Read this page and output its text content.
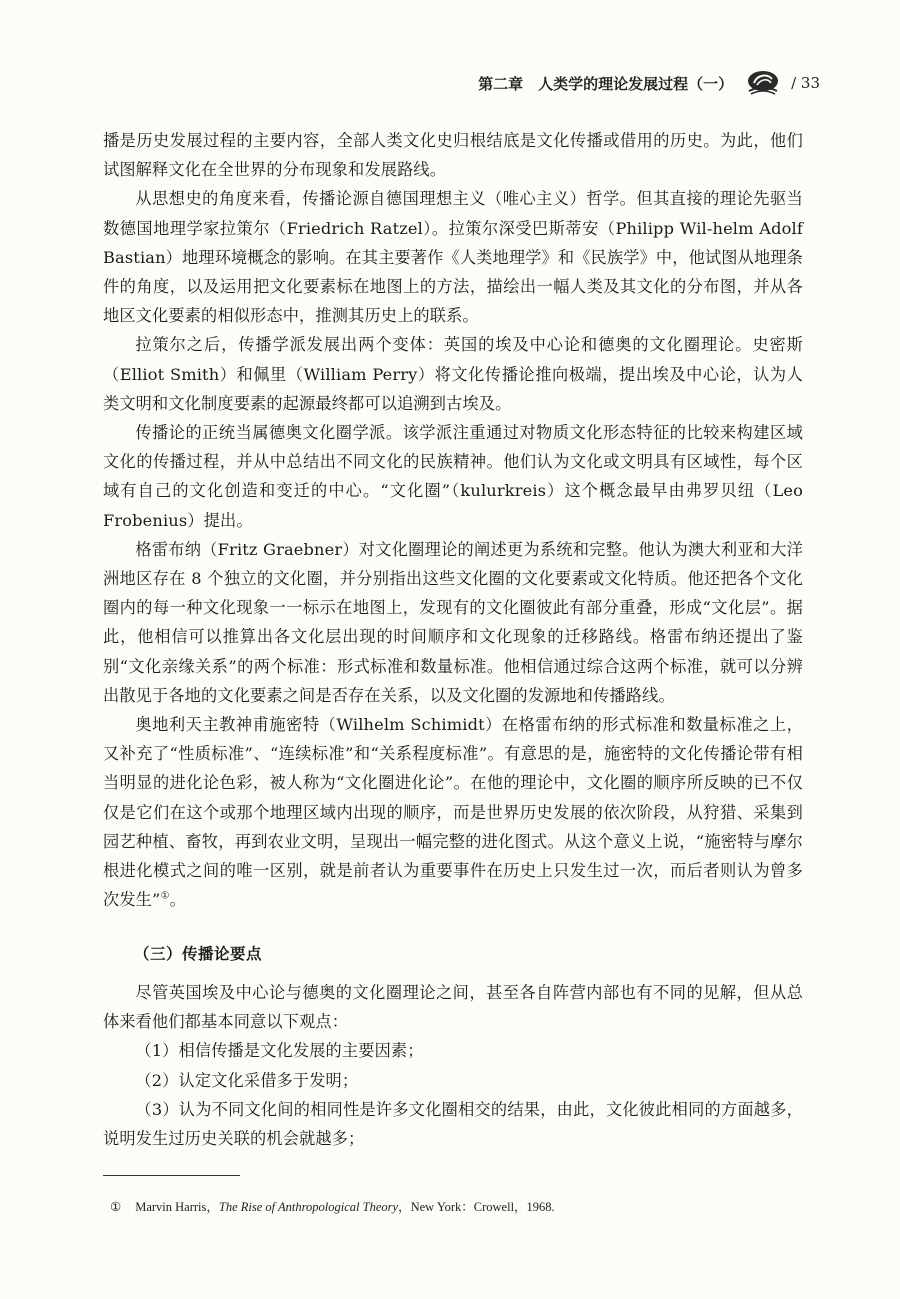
第二章　人类学的理论发展过程（一）	/ 33

播是历史发展过程的主要内容，全部人类文化史归根结底是文化传播或借用的历史。为此，他们试图解释文化在全世界的分布现象和发展路线。

从思想史的角度来看，传播论源自德国理想主义（唯心主义）哲学。但其直接的理论先驱当数德国地理学家拉策尔（Friedrich Ratzel）。拉策尔深受巴斯蒂安（Philipp Wil-helm Adolf Bastian）地理环境概念的影响。在其主要著作《人类地理学》和《民族学》中，他试图从地理条件的角度，以及运用把文化要素标在地图上的方法，描绘出一幅人类及其文化的分布图，并从各地区文化要素的相似形态中，推测其历史上的联系。

拉策尔之后，传播学派发展出两个变体：英国的埃及中心论和德奥的文化圈理论。史密斯（Elliot Smith）和佩里（William Perry）将文化传播论推向极端，提出埃及中心论，认为人类文明和文化制度要素的起源最终都可以追溯到古埃及。

传播论的正统当属德奥文化圈学派。该学派注重通过对物质文化形态特征的比较来构建区域文化的传播过程，并从中总结出不同文化的民族精神。他们认为文化或文明具有区域性，每个区域有自己的文化创造和变迁的中心。“文化圈”（kulurkreis）这个概念最早由弗罗贝纽（Leo Frobenius）提出。

格雷布纳（Fritz Graebner）对文化圈理论的阐述更为系统和完整。他认为澳大利亚和大洋洲地区存在 8 个独立的文化圈，并分别指出这些文化圈的文化要素或文化特质。他还把各个文化圈内的每一种文化现象一一标示在地图上，发现有的文化圈彼此有部分重叠，形成“文化层”。据此，他相信可以推算出各文化层出现的时间顺序和文化现象的迁移路线。格雷布纳还提出了鉴别“文化亲缘关系”的两个标准：形式标准和数量标准。他相信通过综合这两个标准，就可以分辨出散见于各地的文化要素之间是否存在关系，以及文化圈的发源地和传播路线。

奥地利天主教神甫施密特（Wilhelm Schimidt）在格雷布纳的形式标准和数量标准之上，又补充了“性质标准”、“连续标准”和“关系程度标准”。有意思的是，施密特的文化传播论带有相当明显的进化论色彩，被人称为“文化圈进化论”。在他的理论中，文化圈的顺序所反映的已不仅仅是它们在这个或那个地理区域内出现的顺序，而是世界历史发展的依次阶段，从狩猎、采集到园艺种植、畜牧，再到农业文明，呈现出一幅完整的进化图式。从这个意义上说，“施密特与摩尔根进化模式之间的唯一区别，就是前者认为重要事件在历史上只发生过一次，而后者则认为曾多次发生”①。

（三）传播论要点

尽管英国埃及中心论与德奥的文化圈理论之间，甚至各自阵营内部也有不同的见解，但从总体来看他们都基本同意以下观点：

（1）相信传播是文化发展的主要因素；

（2）认定文化采借多于发明；

（3）认为不同文化间的相同性是许多文化圈相交的结果，由此，文化彼此相同的方面越多，说明发生过历史关联的机会就越多；

① Marvin Harris，The Rise of Anthropological Theory，New York：Crowell，1968.
